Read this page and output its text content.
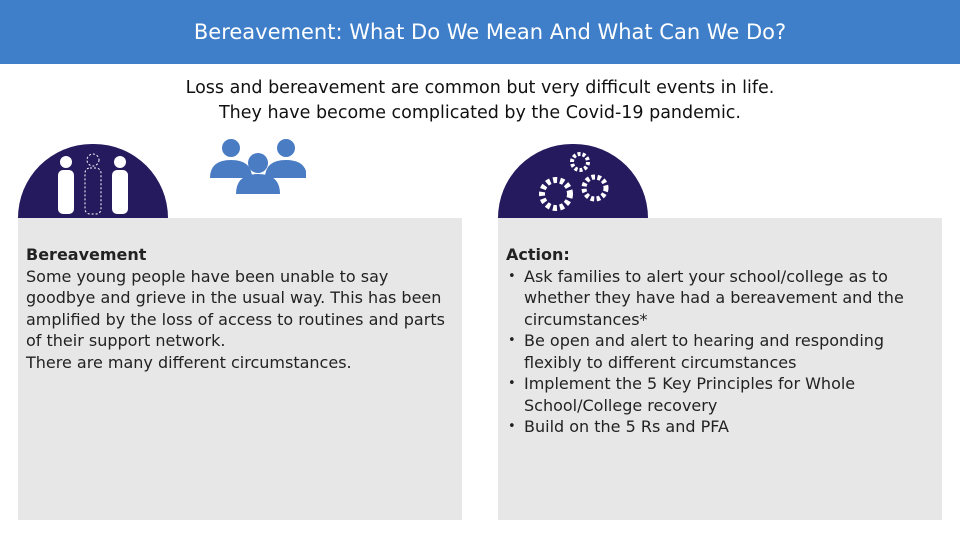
Bereavement: What Do We Mean And What Can We Do?
Loss and bereavement are common but very difficult events in life.
They have become complicated by the Covid-19 pandemic.
Bereavement
Some young people have been unable to say goodbye and grieve in the usual way. This has been amplified by the loss of access to routines and parts of their support network.
There are many different circumstances.
Action:
• Ask families to alert your school/college as to whether they have had a bereavement and the circumstances*
• Be open and alert to hearing and responding flexibly to different circumstances
• Implement the 5 Key Principles for Whole School/College recovery
• Build on the 5 Rs and PFA
